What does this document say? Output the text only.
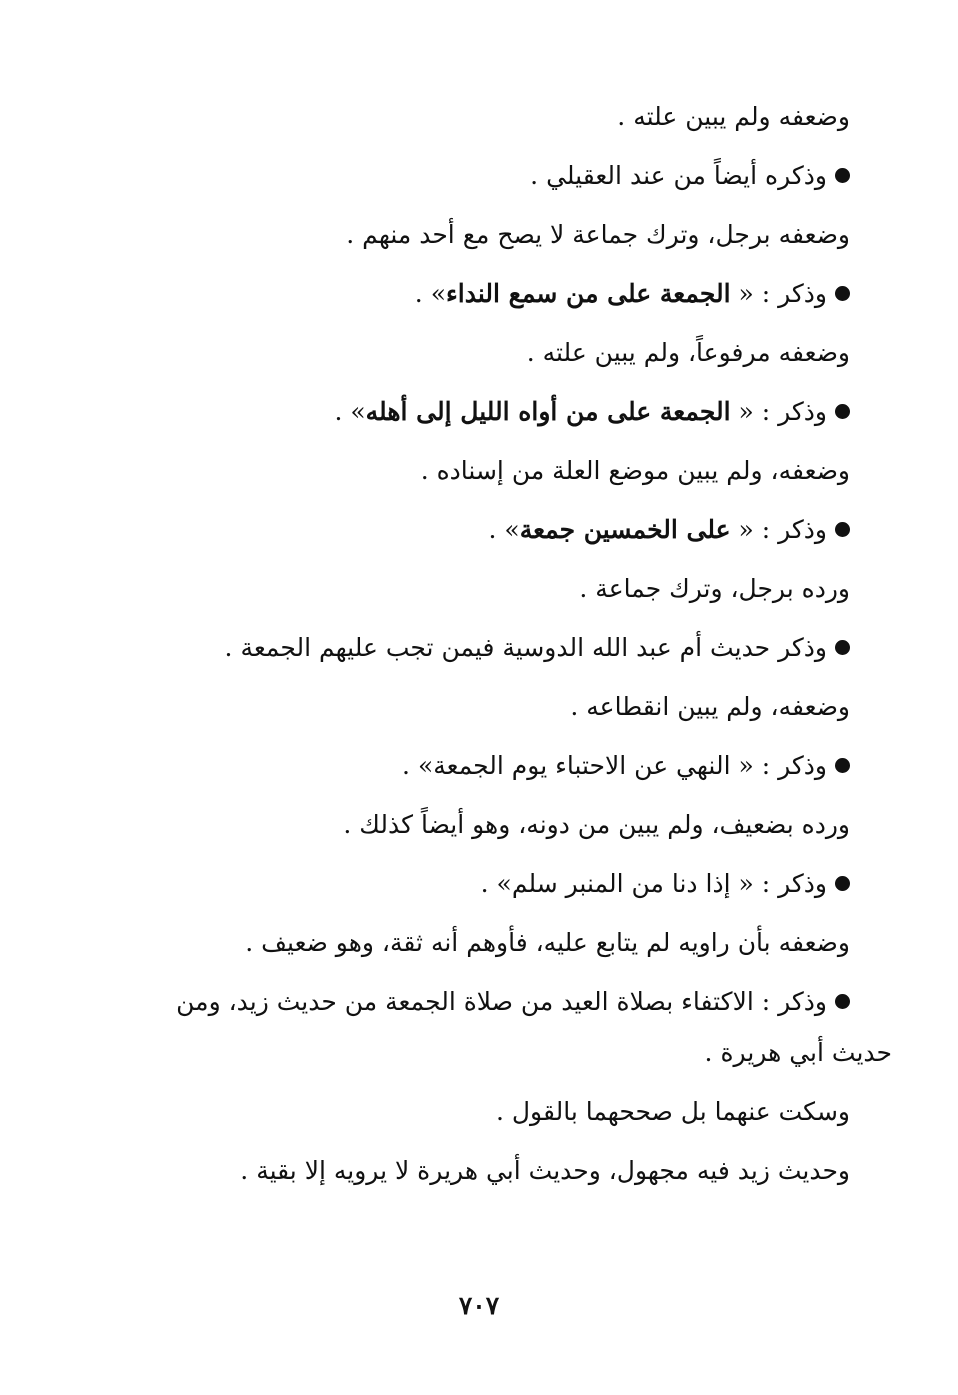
وضعفه ولم يبين علته .
وذكره أيضاً من عند العقيلي .
وضعفه برجل، وترك جماعة لا يصح مع أحد منهم .
وذكر : « الجمعة على من سمع النداء» .
وضعفه مرفوعاً، ولم يبين علته .
وذكر : « الجمعة على من أواه الليل إلى أهله» .
وضعفه، ولم يبين موضع العلة من إسناده .
وذكر : « على الخمسين جمعة» .
ورده برجل، وترك جماعة .
وذكر حديث أم عبد الله الدوسية فيمن تجب عليهم الجمعة .
وضعفه، ولم يبين انقطاعه .
وذكر : « النهي عن الاحتباء يوم الجمعة» .
ورده بضعيف، ولم يبين من دونه، وهو أيضاً كذلك .
وذكر : « إذا دنا من المنبر سلم» .
وضعفه بأن راويه لم يتابع عليه، فأوهم أنه ثقة، وهو ضعيف .
وذكر : الاكتفاء بصلاة العيد من صلاة الجمعة من حديث زيد، ومن
حديث أبي هريرة .
وسكت عنهما بل صححهما بالقول .
وحديث زيد فيه مجهول، وحديث أبي هريرة لا يرويه إلا بقية .
٧٠٧
